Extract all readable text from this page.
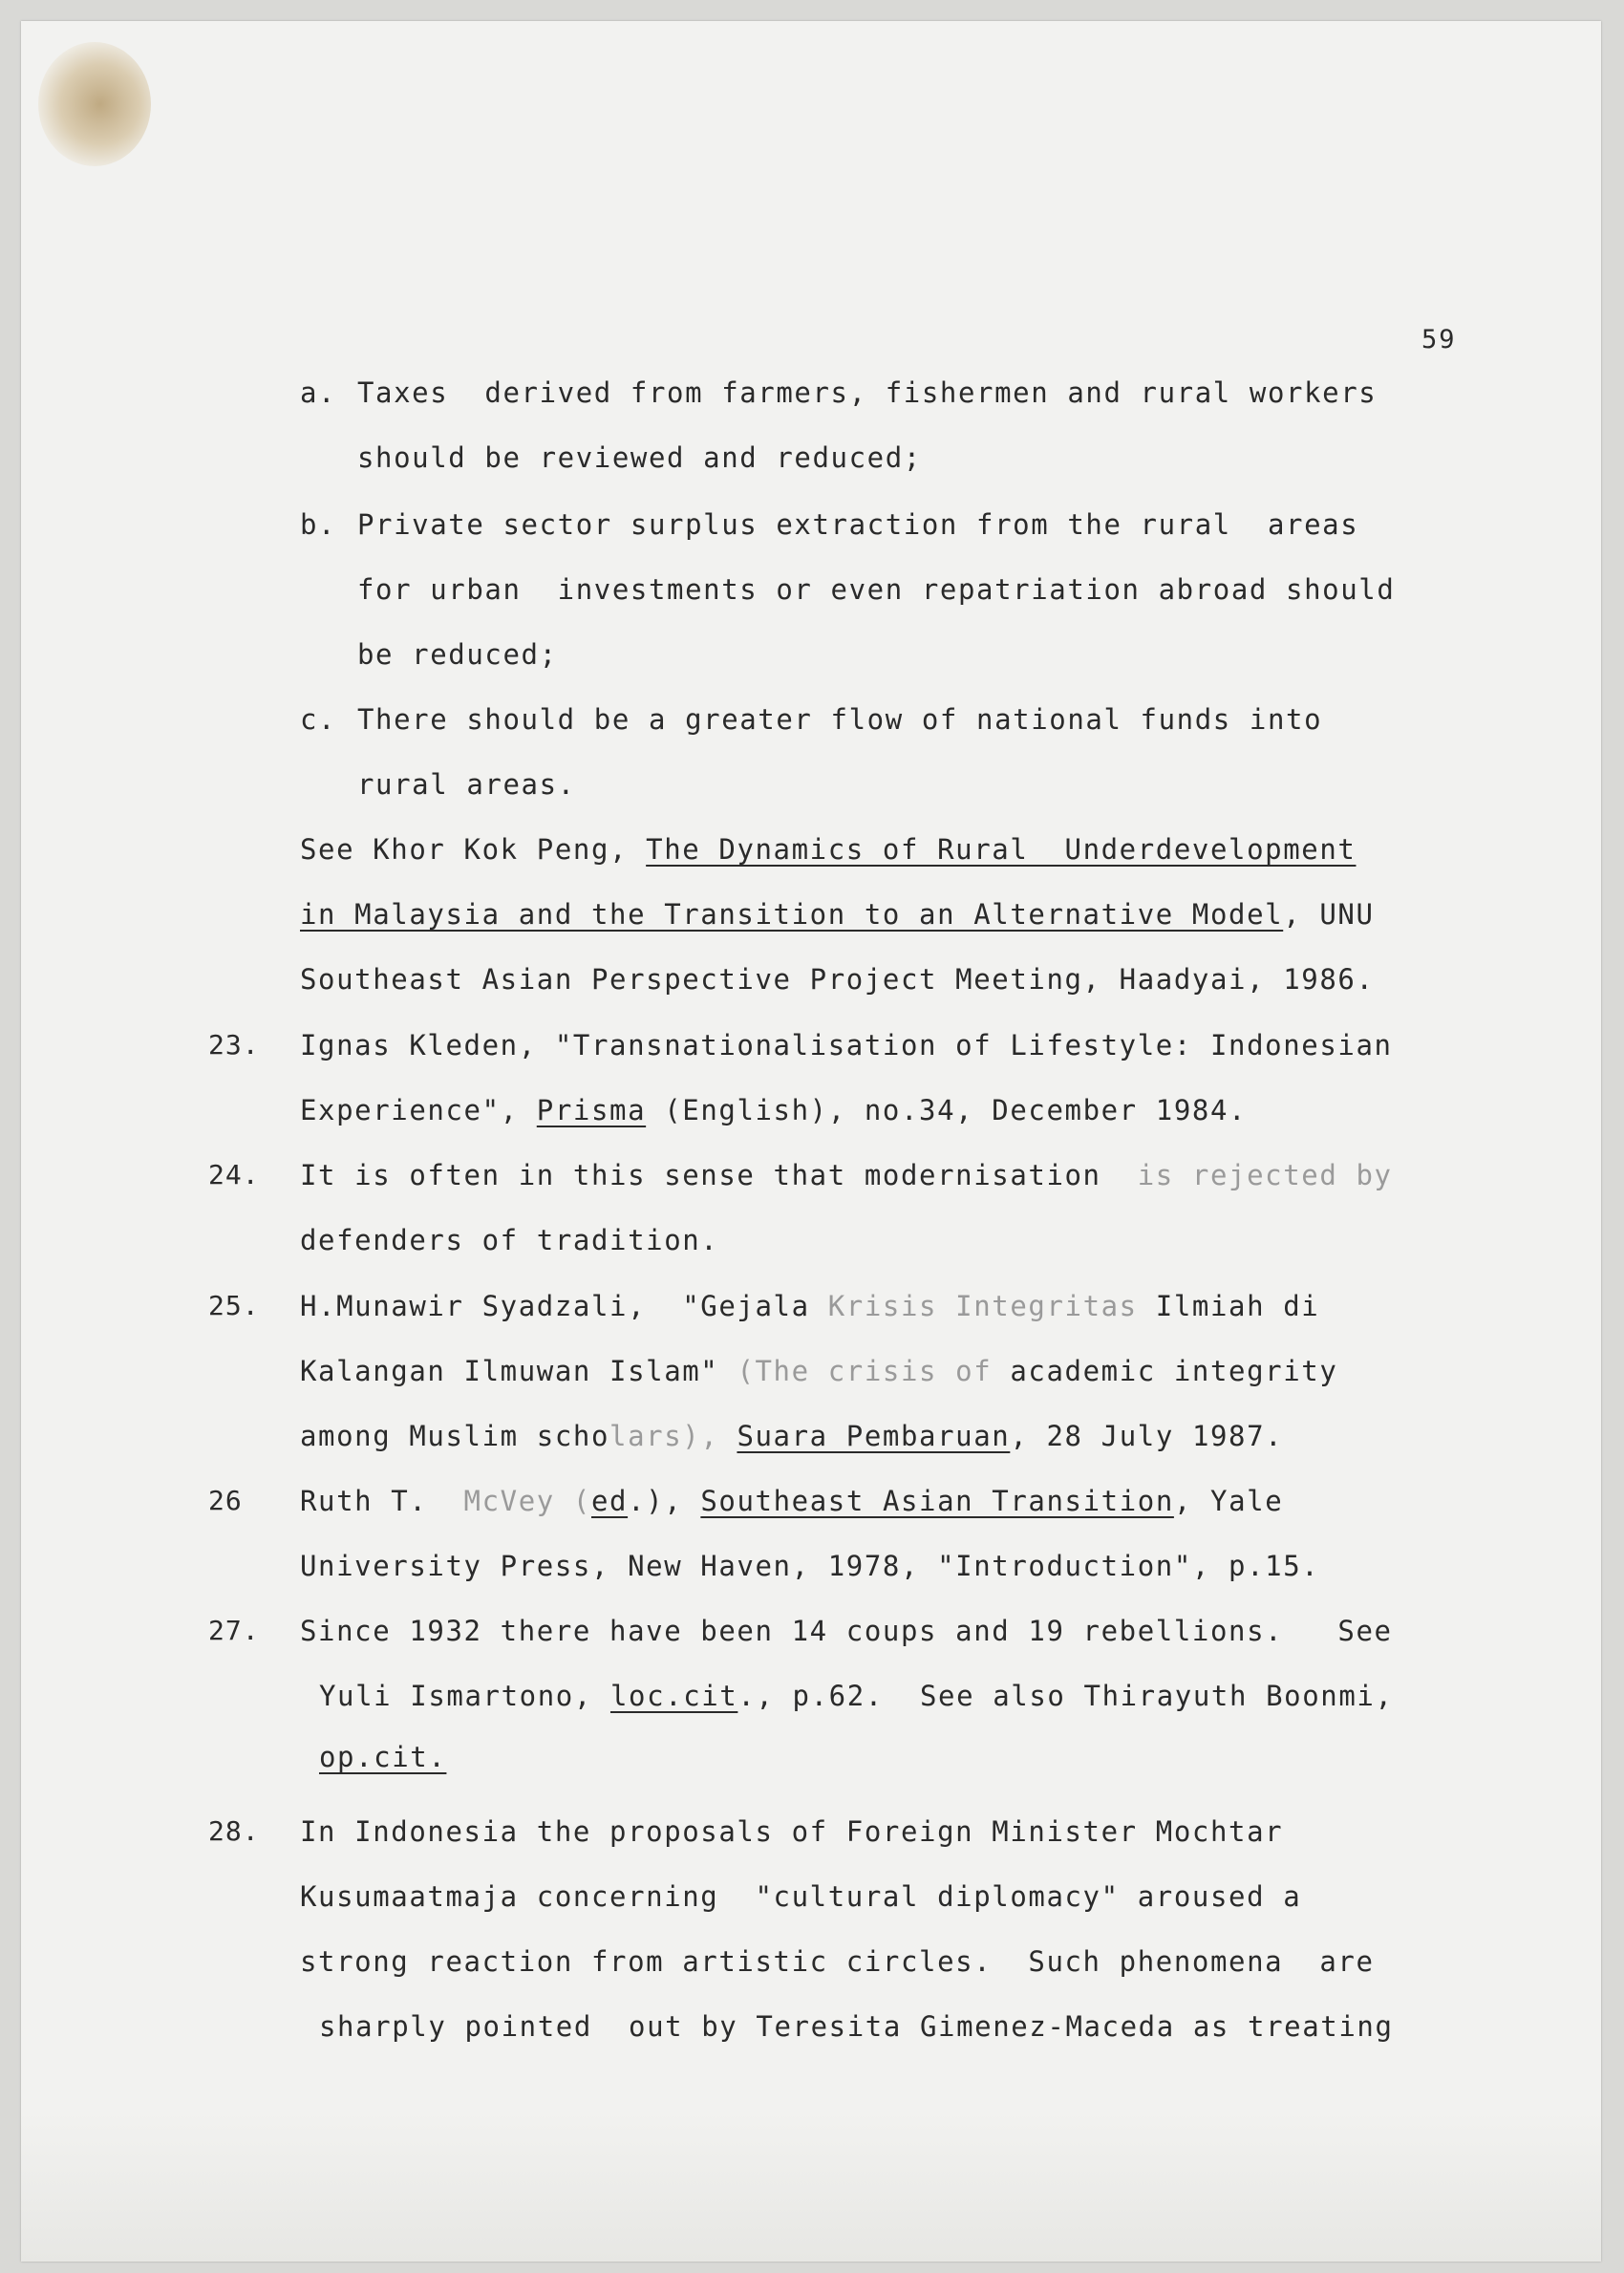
59
a. Taxes  derived from farmers, fishermen and rural workers
should be reviewed and reduced;
b. Private sector surplus extraction from the rural  areas
for urban  investments or even repatriation abroad should
be reduced;
c. There should be a greater flow of national funds into
rural areas.
See Khor Kok Peng, The Dynamics of Rural  Underdevelopment
in Malaysia and the Transition to an Alternative Model, UNU
Southeast Asian Perspective Project Meeting, Haadyai, 1986.
23. Ignas Kleden, "Transnationalisation of Lifestyle: Indonesian
Experience", Prisma (English), no.34, December 1984.
24. It is often in this sense that modernisation  is rejected by
defenders of tradition.
25. H.Munawir Syadzali,  "Gejala Krisis Integritas Ilmiah di
Kalangan Ilmuwan Islam" (The crisis of academic integrity
among Muslim scholars), Suara Pembaruan, 28 July 1987.
26 Ruth T.  McVey (ed.), Southeast Asian Transition, Yale
University Press, New Haven, 1978, "Introduction", p.15.
27. Since 1932 there have been 14 coups and 19 rebellions.   See
Yuli Ismartono, loc.cit., p.62.  See also Thirayuth Boonmi,
op.cit.
28. In Indonesia the proposals of Foreign Minister Mochtar
Kusumaatmaja concerning  "cultural diplomacy" aroused a
strong reaction from artistic circles.  Such phenomena  are
sharply pointed  out by Teresita Gimenez-Maceda as treating
